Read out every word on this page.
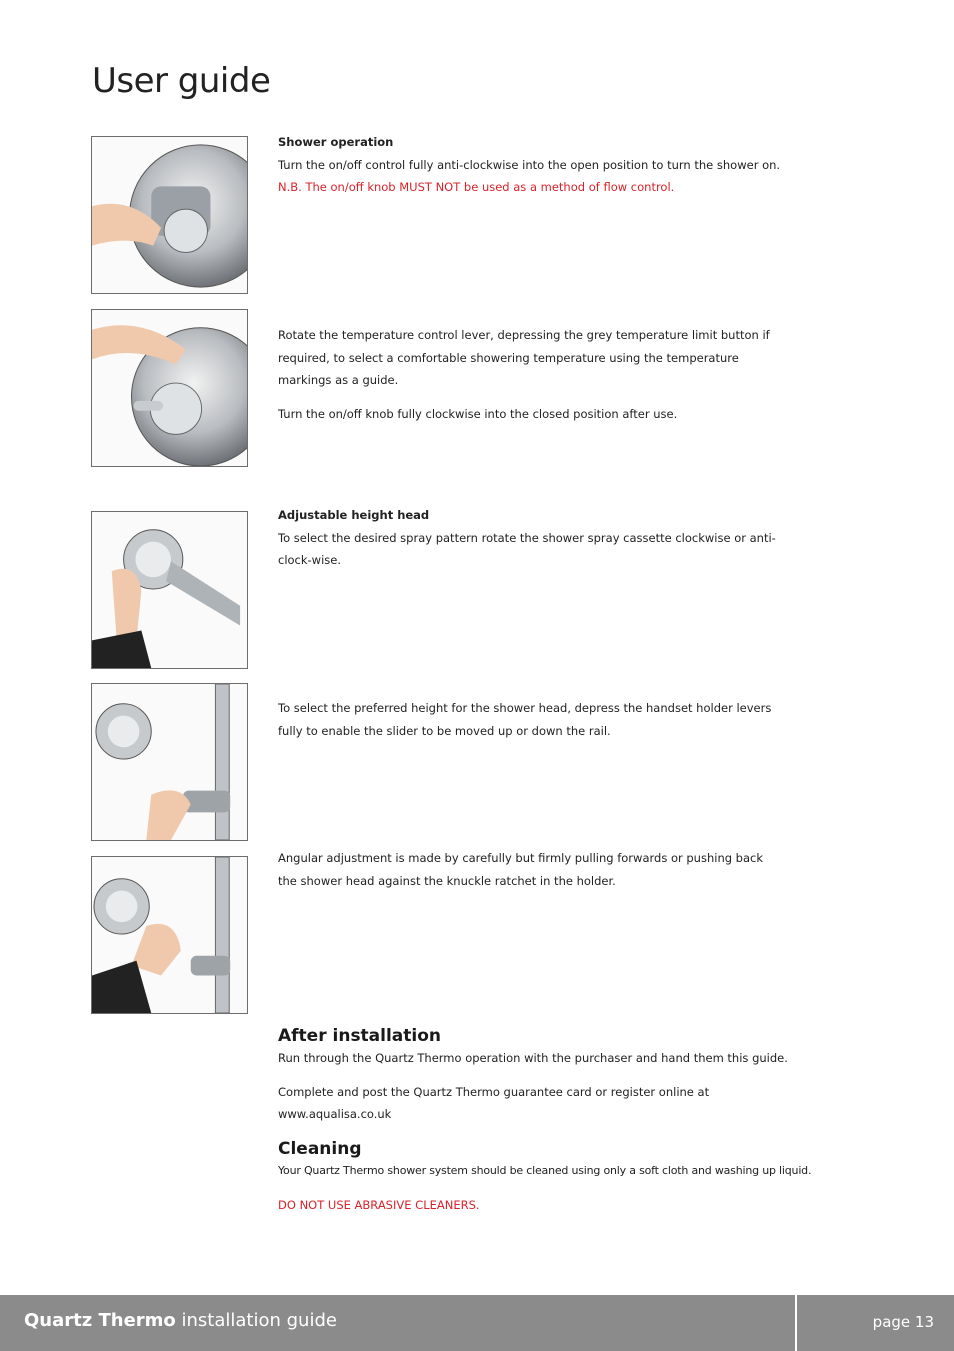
User guide

Shower operation

Turn the on/off control fully anti-clockwise into the open position to turn the shower on.

N.B. The on/off knob MUST NOT be used as a method of flow control.

Rotate the temperature control lever, depressing the grey temperature limit button if required, to select a comfortable showering temperature using the temperature markings as a guide.

Turn the on/off knob fully clockwise into the closed position after use.

Adjustable height head

To select the desired spray pattern rotate the shower spray cassette clockwise or anti-clock-wise.

To select the preferred height for the shower head, depress the handset holder levers fully to enable the slider to be moved up or down the rail.

Angular adjustment is made by carefully but firmly pulling forwards or pushing back the shower head against the knuckle ratchet in the holder.

After installation

Run through the Quartz Thermo operation with the purchaser and hand them this guide.

Complete and post the Quartz Thermo guarantee card or register online at www.aqualisa.co.uk

Cleaning

Your Quartz Thermo shower system should be cleaned using only a soft cloth and washing up liquid.

DO NOT USE ABRASIVE CLEANERS.

Quartz Thermo installation guide	page 13
